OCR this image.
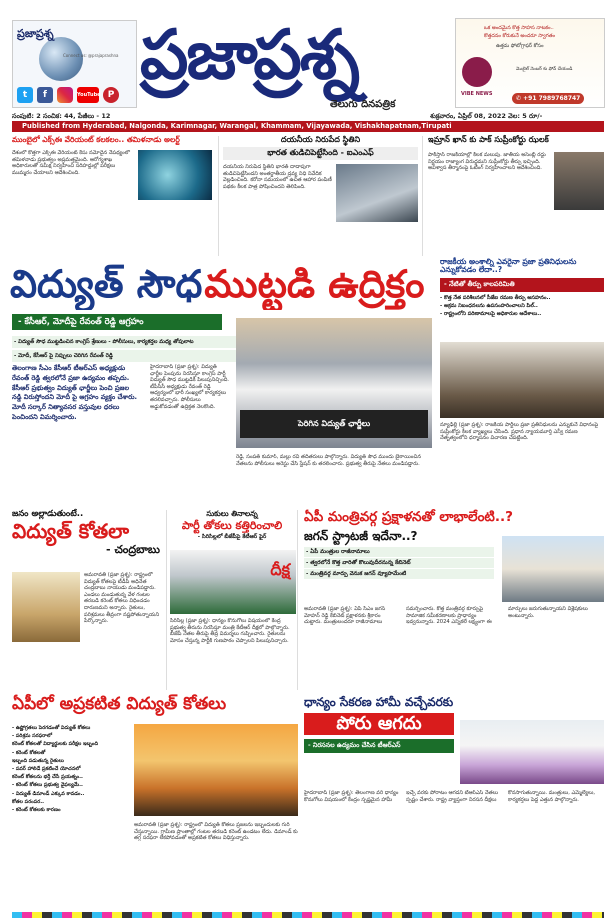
ప్రజాప్రశ్న
Connect us: @prajaprashna
t	f	YouTube P ప్రజాప్రశ్న
తెలుగు దినపత్రిక
ఒక అందమైన కొత్త సాహస నాటకం..
కొత్తదనం కోరుకునే అందరూ స్వాగతం
ఉత్తమ ఫోటోగ్రాఫర్ కోసం
VIBE NEWS
మొబైల్ నెంబర్ కు ఫోన్ చేయండి
✆ +91 7989768747
సంపుటి: 2 సంచిక: 44, పేజీలు - 12	శుక్రవారం, ఏప్రిల్ 08, 2022 వెల: 5 రూ/-
Published from Hyderabad, Nalgonda, Karimnagar, Warangal, Khammam, Vijayawada, Vishakhapatnam,Tirupati
ముంబైలో ఎక్స్ఈ వేరియంట్ కలకలం.. తమిళనాడు అలర్ట్
దేశంలో కొత్తగా ఎక్స్ఈ వేరియంట్ కేసు నమోదైన నేపథ్యంలో తమిళనాడు ప్రభుత్వం అప్రమత్తమైంది. ఆరోగ్యశాఖ అధికారులతో సమీక్ష నిర్వహించి సరిహద్దుల్లో పరీక్షలు ముమ్మరం చేయాలని ఆదేశించింది.
దయనీయ నిరుపేద స్థితిని
భారత తుడిచిపెట్టేసింది - ఐఎంఎఫ్
దయనీయ నిరుపేద స్థితిని భారత్ దాదాపుగా తుడిచిపెట్టేసిందని అంతర్జాతీయ ద్రవ్య నిధి నివేదిక వెల్లడించింది. కరోనా సమయంలో ఉచిత ఆహార పంపిణీ పథకం కీలక పాత్ర పోషించిందని తెలిపింది.
ఇమ్రాన్ ఖాన్ కు పాక్ సుప్రీంకోర్టు ఝలక్
పాకిస్తాన్ రాజకీయాల్లో కీలక మలుపు. జాతీయ అసెంబ్లీ రద్దు నిర్ణయం రాజ్యాంగ విరుద్ధమని సుప్రీంకోర్టు తీర్పు ఇచ్చింది. అవిశ్వాస తీర్మానంపై ఓటింగ్ నిర్వహించాలని ఆదేశించింది.
విద్యుత్ సౌధ ముట్టడి ఉద్రిక్తం
- కేసీఆర్, మోదీపై రేవంత్ రెడ్డి ఆగ్రహం
- విద్యుత్ సౌధ ముట్టడించిన కాంగ్రెస్ శ్రేణులు - పోలీసులు, కార్యకర్తల మధ్య తోపులాట
- మోదీ, కేసీఆర్ పై నిప్పులు చెరిగిన రేవంత్ రెడ్డి
తెలంగాణ సీఎం కేసీఆర్ టీఆర్ఎస్ అధ్యక్షుడు రేవంత్ రెడ్డి త్వరలోనే ప్రజా ఉద్యమం తప్పదు. కేసీఆర్ ప్రభుత్వం విద్యుత్ ఛార్జీలు పెంచి ప్రజల నడ్డి విరుస్తోందని మోదీ పై ఆగ్రహం వ్యక్తం చేశారు. మోదీ సర్కార్ నిత్యావసర వస్తువుల ధరలు పెంచిందని విమర్శించారు.
హైదరాబాద్ (ప్రజా ప్రశ్న): విద్యుత్ ఛార్జీల పెంపును నిరసిస్తూ కాంగ్రెస్ పార్టీ విద్యుత్ సౌధ ముట్టడికి పిలుపునిచ్చింది. టీపీసీసీ అధ్యక్షుడు రేవంత్ రెడ్డి ఆధ్వర్యంలో భారీ సంఖ్యలో కార్యకర్తలు తరలివచ్చారు. పోలీసులు అడ్డుకోవడంతో ఉద్రిక్తత నెలకొంది.
పెరిగిన విద్యుత్ ఛార్జీలు
రెడ్డి, సంపత్ కుమార్, మల్లు రవి తదితరులు పాల్గొన్నారు. విద్యుత్ సౌధ ముందు బైఠాయించిన నేతలను పోలీసులు అరెస్టు చేసి స్టేషన్ కు తరలించారు. ప్రభుత్వ తీరుపై నేతలు మండిపడ్డారు.
రాజకీయ అంశాల్ని ఎవరైనా ప్రజా ప్రతినిధులను ఎన్నుకోవడం లేదా..?
- నేటితో తీర్పు కాలపరిమితి
- కొత్త నేత పరిశీలనలో సీజేఐ రమణ తీర్పు అసహనం..
- అక్రమ నిబంధనలను ఉపసంహరించాలని పిల్..
- రాష్ట్రంలోని పరిణామాలపై అధికారుల ఆదేశాలు..
న్యూఢిల్లీ (ప్రజా ప్రశ్న): రాజకీయ పార్టీలు ప్రజా ప్రతినిధులను ఎన్నుకునే విధానంపై సుప్రీంకోర్టు కీలక వ్యాఖ్యలు చేసింది. ప్రధాన న్యాయమూర్తి ఎన్వీ రమణ నేతృత్వంలోని ధర్మాసనం విచారణ చేపట్టింది.
జనం అల్లాడుతుంటే..
విద్యుత్ కోతలా
- చంద్రబాబు
అమరావతి (ప్రజా ప్రశ్న): రాష్ట్రంలో విద్యుత్ కోతలపై టీడీపీ అధినేత చంద్రబాబు నాయుడు మండిపడ్డారు. ఎండలు మండుతున్న వేళ గంటల తరబడి కరెంట్ కోతలు విధించడం దారుణమని అన్నారు. రైతులు, పరిశ్రమలు తీవ్రంగా నష్టపోతున్నాయని పేర్కొన్నారు.
సుకులు తినాలన్న
పార్టీ తోకలు కత్తిరించాలి
- సిరిసిల్లలో బీజేపీపై కేటీఆర్ ఫైర్
దీక్ష
సిరిసిల్ల (ప్రజా ప్రశ్న): ధాన్యం కొనుగోలు విషయంలో కేంద్ర ప్రభుత్వ తీరును నిరసిస్తూ మంత్రి కేటీఆర్ దీక్షలో పాల్గొన్నారు. బీజేపీ నేతల తీరుపై తీవ్ర విమర్శలు గుప్పించారు. రైతులను మోసం చేస్తున్న పార్టీకి గుణపాఠం చెప్పాలని పిలుపునిచ్చారు.
ఏపీ మంత్రివర్గ ప్రక్షాళనతో లాభాలేంటి..?
జగన్ స్ట్రాటజీ ఇదేనా..?
- ఏపీ మంత్రుల రాజీనామాలు
- త్వరలోనే కొత్త వారితో కొలువుదీరనున్న కేబినెట్
- మంత్రివర్గ మార్పు వెనుక జగన్ వ్యూహమేంటి
అమరావతి (ప్రజా ప్రశ్న): ఏపీ సీఎం జగన్ మోహన్ రెడ్డి కేబినెట్ ప్రక్షాళనకు శ్రీకారం చుట్టారు. మంత్రులందరూ రాజీనామాలు సమర్పించారు. కొత్త మంత్రివర్గ కూర్పుపై సామాజిక సమీకరణాలకు ప్రాధాన్యం ఇవ్వనున్నారు. 2024 ఎన్నికలే లక్ష్యంగా ఈ మార్పులు జరుగుతున్నాయని విశ్లేషకులు అంటున్నారు.
ఏపీలో అప్రకటిత విద్యుత్ కోతలు
- ఉష్ణోగ్రతలు పెరగడంతో విద్యుత్ కోతలు
- పరిశ్రమ సరఫరాలో
కరెంట్ కోతలతో విద్యార్థులకు పరీక్షల ఇబ్బంది
- కరెంట్ కోతలతో
ఇబ్బంది పడుతున్న రైతులు
- పవర్ హాలిడే ప్రకటించే యోచనలో
కరెంట్ కోతలను భర్తీ చేసే ప్రయత్నం..
- కరెంట్ కోతలు ప్రభుత్వ వైఫల్యమే..
- విద్యుత్ డిమాండ్ ఎక్కువ కావడం..
కోతల పరంపర..
- కరెంట్ కోతలకు కారణం
అమరావతి (ప్రజా ప్రశ్న): రాష్ట్రంలో విద్యుత్ కోతలు ప్రజలను ఇబ్బందులకు గురి చేస్తున్నాయి. గ్రామీణ ప్రాంతాల్లో గంటల తరబడి కరెంట్ ఉండటం లేదు. డిమాండ్ కు తగ్గ సరఫరా లేకపోవడంతో అప్రకటిత కోతలు విధిస్తున్నారు.
ధాన్యం సేకరణ హామీ వచ్చేవరకు
పోరు ఆగదు
- నిరసనల ఉద్యమం చేసిన టీఆర్ఎస్
హైదరాబాద్ (ప్రజా ప్రశ్న): తెలంగాణ వరి ధాన్యం కొనుగోలు విషయంలో కేంద్రం స్పష్టమైన హామీ ఇచ్చే వరకు పోరాటం ఆగదని టీఆర్ఎస్ నేతలు స్పష్టం చేశారు. రాష్ట్ర వ్యాప్తంగా నిరసన దీక్షలు కొనసాగుతున్నాయి. మంత్రులు, ఎమ్మెల్యేలు, కార్యకర్తలు పెద్ద ఎత్తున పాల్గొన్నారు.
